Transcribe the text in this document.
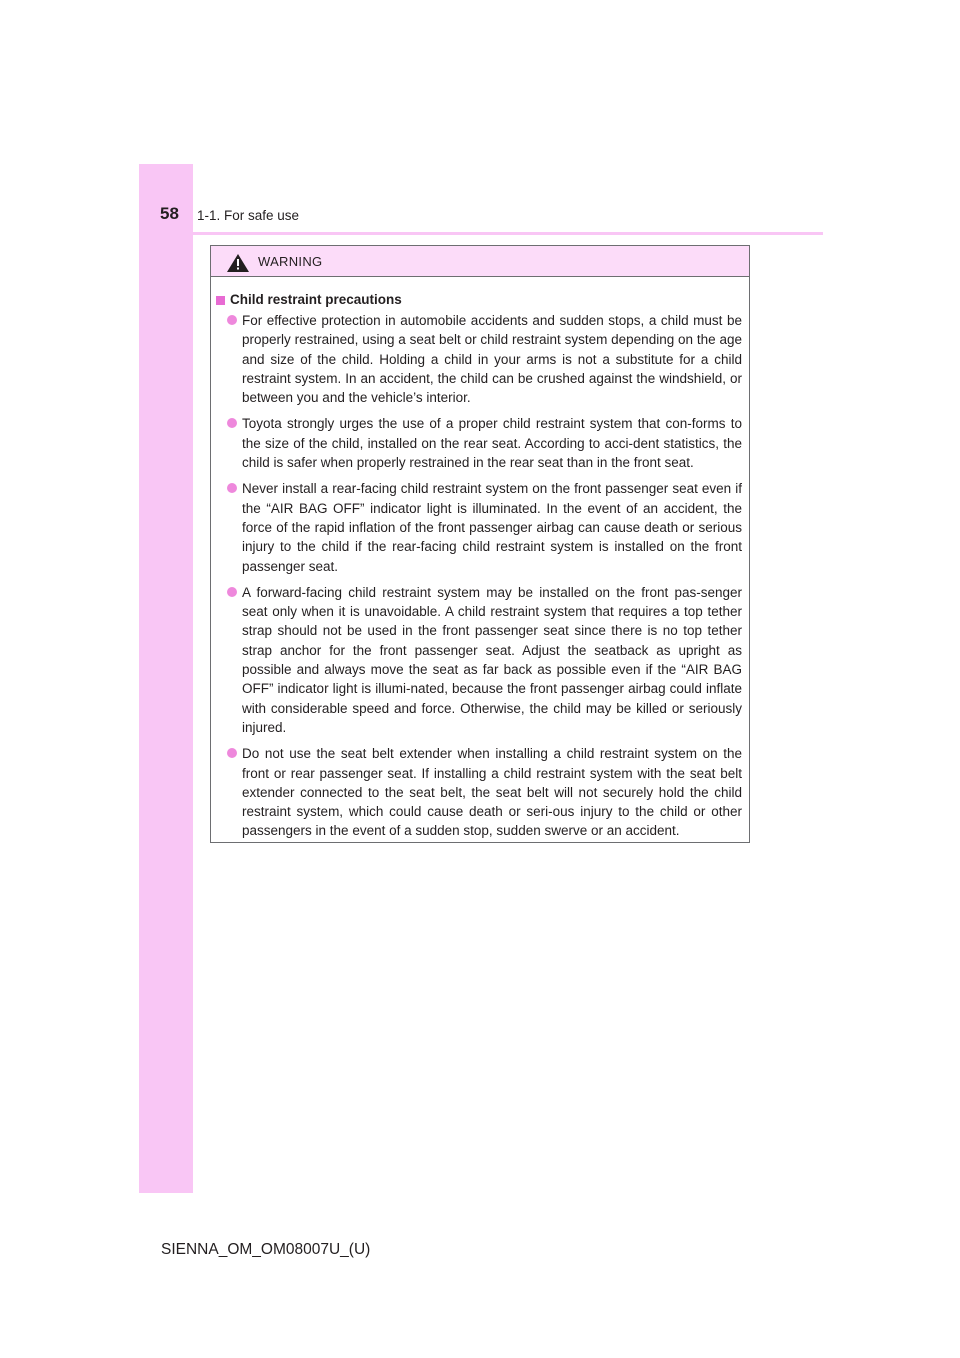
58 1-1. For safe use
WARNING
Child restraint precautions
For effective protection in automobile accidents and sudden stops, a child must be properly restrained, using a seat belt or child restraint system depending on the age and size of the child. Holding a child in your arms is not a substitute for a child restraint system. In an accident, the child can be crushed against the windshield, or between you and the vehicle’s interior.
Toyota strongly urges the use of a proper child restraint system that con-forms to the size of the child, installed on the rear seat. According to acci-dent statistics, the child is safer when properly restrained in the rear seat than in the front seat.
Never install a rear-facing child restraint system on the front passenger seat even if the “AIR BAG OFF” indicator light is illuminated. In the event of an accident, the force of the rapid inflation of the front passenger airbag can cause death or serious injury to the child if the rear-facing child restraint system is installed on the front passenger seat.
A forward-facing child restraint system may be installed on the front pas-senger seat only when it is unavoidable. A child restraint system that requires a top tether strap should not be used in the front passenger seat since there is no top tether strap anchor for the front passenger seat. Adjust the seatback as upright as possible and always move the seat as far back as possible even if the “AIR BAG OFF” indicator light is illumi-nated, because the front passenger airbag could inflate with considerable speed and force. Otherwise, the child may be killed or seriously injured.
Do not use the seat belt extender when installing a child restraint system on the front or rear passenger seat. If installing a child restraint system with the seat belt extender connected to the seat belt, the seat belt will not securely hold the child restraint system, which could cause death or seri-ous injury to the child or other passengers in the event of a sudden stop, sudden swerve or an accident.
SIENNA_OM_OM08007U_(U)
